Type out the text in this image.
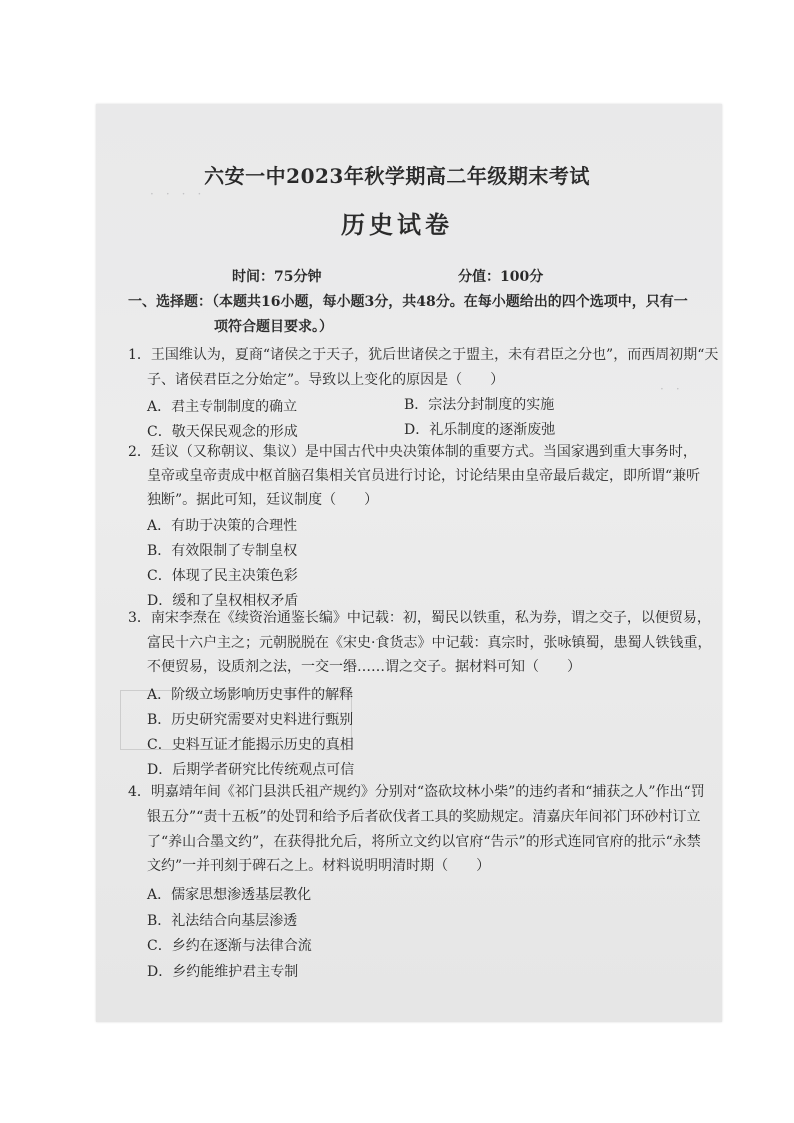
·　·　·　·
·　·
六安一中2023年秋学期高二年级期末考试
历史试卷
时间：75分钟	分值：100分
一、选择题：（本题共16小题，每小题3分，共48分。在每小题给出的四个选项中，只有一
项符合题目要求。）
1．王国维认为，夏商“诸侯之于天子，犹后世诸侯之于盟主，未有君臣之分也”，而西周初期“天
子、诸侯君臣之分始定”。导致以上变化的原因是（　　）
A．君主专制制度的确立	B．宗法分封制度的实施
C．敬天保民观念的形成	D．礼乐制度的逐渐废弛
2．廷议（又称朝议、集议）是中国古代中央决策体制的重要方式。当国家遇到重大事务时，
皇帝或皇帝责成中枢首脑召集相关官员进行讨论，讨论结果由皇帝最后裁定，即所谓“兼听
独断”。据此可知，廷议制度（　　）
A．有助于决策的合理性
B．有效限制了专制皇权
C．体现了民主决策色彩
D．缓和了皇权相权矛盾
3．南宋李焘在《续资治通鉴长编》中记载：初，蜀民以铁重，私为券，谓之交子，以便贸易，
富民十六户主之；元朝脱脱在《宋史·食货志》中记载：真宗时，张咏镇蜀，患蜀人铁钱重，
不便贸易，设质剂之法，一交一缗……谓之交子。据材料可知（　　）
A．阶级立场影响历史事件的解释
B．历史研究需要对史料进行甄别
C．史料互证才能揭示历史的真相
D．后期学者研究比传统观点可信
4．明嘉靖年间《祁门县洪氏祖产规约》分别对“盗砍坟林小柴”的违约者和“捕获之人”作出“罚
银五分”“责十五板”的处罚和给予后者砍伐者工具的奖励规定。清嘉庆年间祁门环砂村订立
了“养山合墨文约”，在获得批允后，将所立文约以官府“告示”的形式连同官府的批示“永禁
文约”一并刊刻于碑石之上。材料说明明清时期（　　）
A．儒家思想渗透基层教化
B．礼法结合向基层渗透
C．乡约在逐渐与法律合流
D．乡约能维护君主专制
